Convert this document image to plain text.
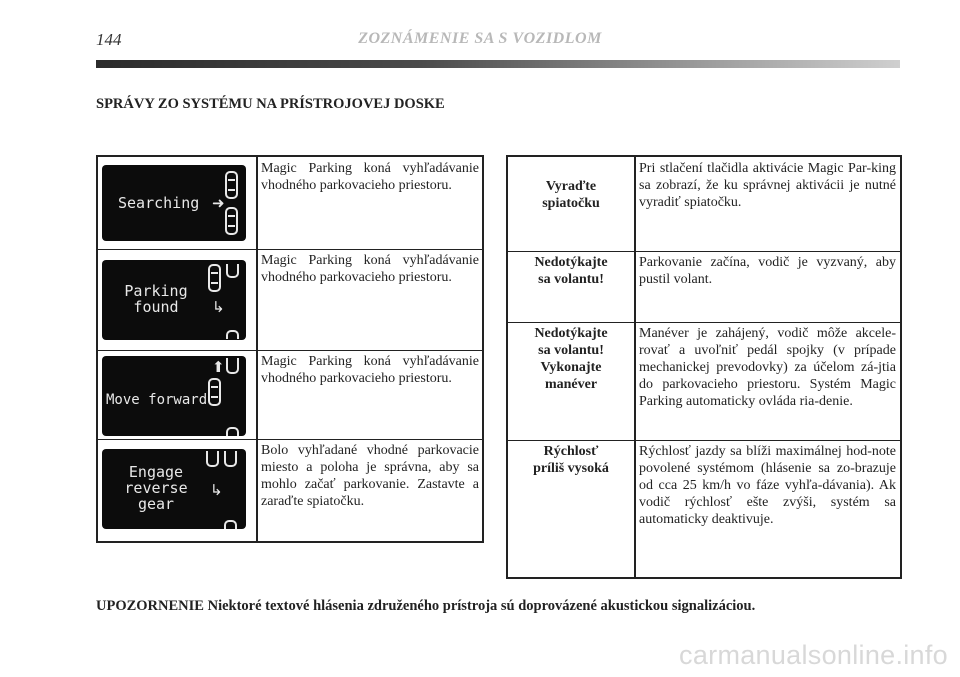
144	ZOZNÁMENIE SA S VOZIDLOM
SPRÁVY ZO SYSTÉMU NA PRÍSTROJOVEJ DOSKE
Searching ➜
Magic Parking koná vyhľadávanie vhodného parkovacieho priestoru.
Parking
found	↳
Magic Parking koná vyhľadávanie vhodného parkovacieho priestoru.
⬆
Move forward
Magic Parking koná vyhľadávanie vhodného parkovacieho priestoru.
Engage
reverse
gear
↳
Bolo vyhľadané vhodné parkovacie miesto a poloha je správna, aby sa mohlo začať parkovanie. Zastavte a zaraďte spiatočku.
Vyraďte
spiatočku
Pri stlačení tlačidla aktivácie Magic Par-king sa zobrazí, že ku správnej aktivácii je nutné vyradiť spiatočku.
Nedotýkajte
sa volantu!
Parkovanie začína, vodič je vyzvaný, aby pustil volant.
Nedotýkajte
sa volantu!
Vykonajte
manéver
Manéver je zahájený, vodič môže akcele-rovať a uvoľniť pedál spojky (v prípade mechanickej prevodovky) za účelom zá-jtia do parkovacieho priestoru. Systém Magic Parking automaticky ovláda ria-denie.
Rýchlosť
príliš vysoká
Rýchlosť jazdy sa blíži maximálnej hod-note povolené systémom (hlásenie sa zo-brazuje od cca 25 km/h vo fáze vyhľa-dávania). Ak vodič rýchlosť ešte zvýši, systém sa automaticky deaktivuje.
UPOZORNENIE Niektoré textové hlásenia združeného prístroja sú doprovázené akustickou signalizáciou.
carmanualsonline.info
